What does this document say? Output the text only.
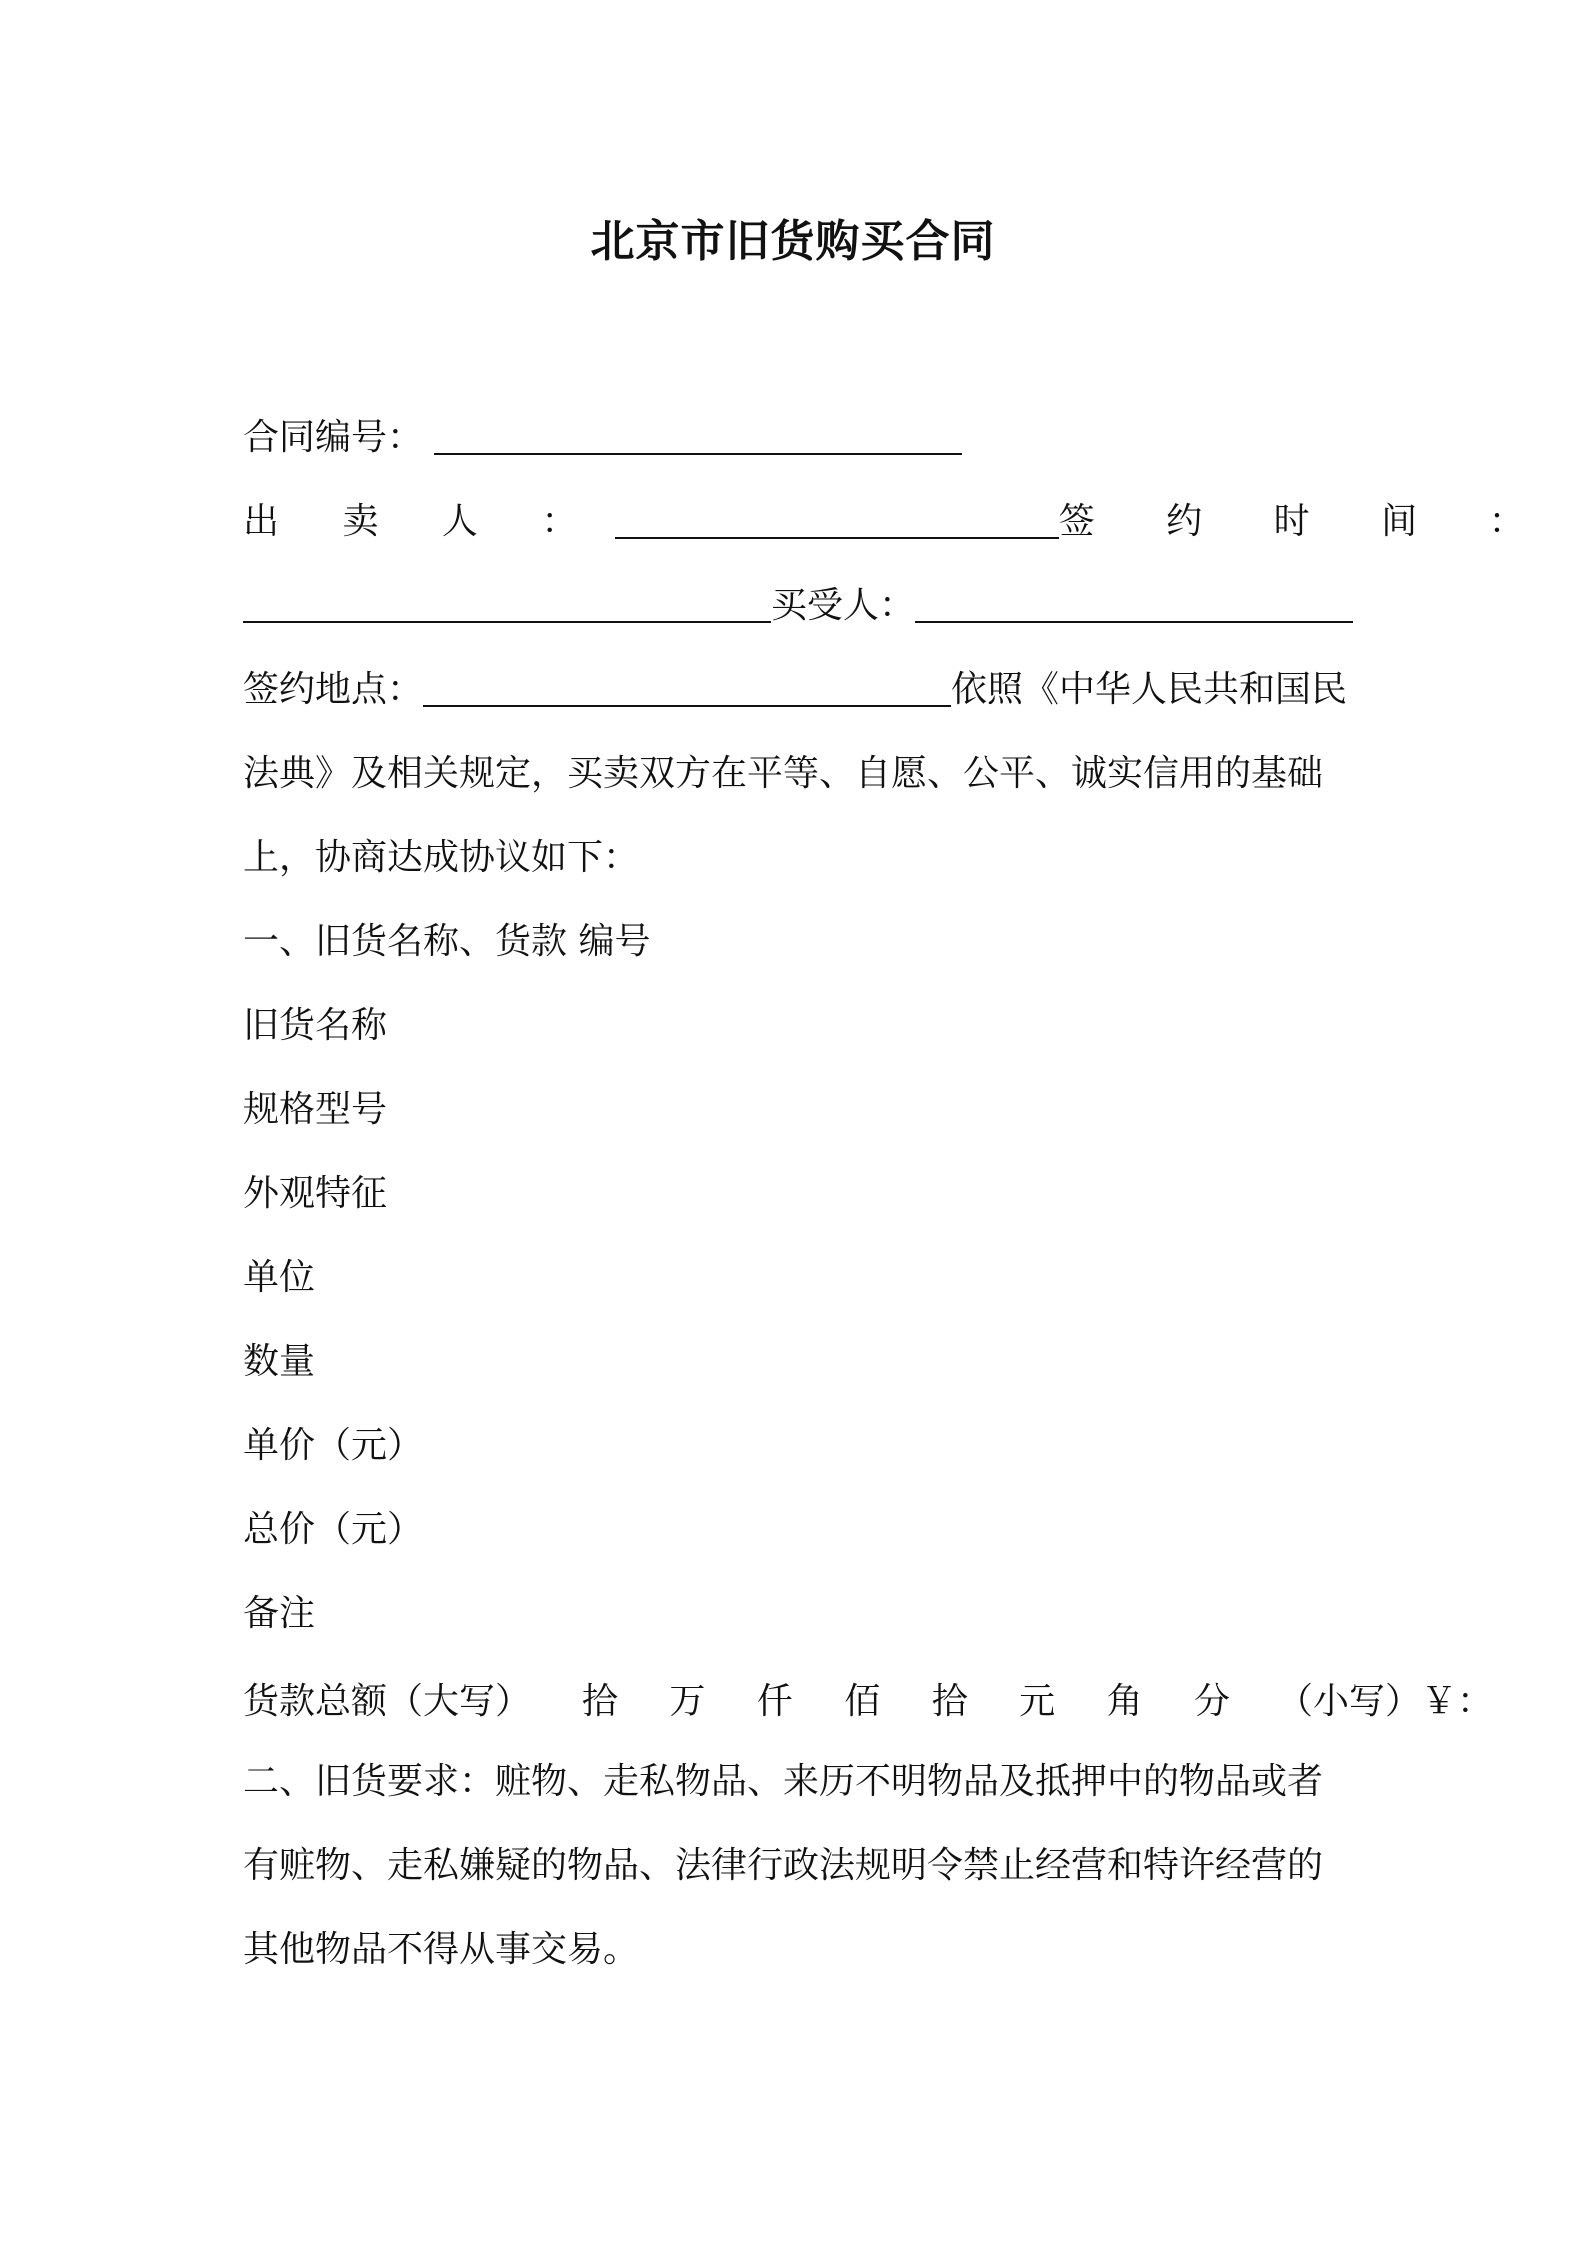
北京市旧货购买合同
合同编号：
出 卖 人 ：	签 约 时 间 ：
买受人：
签约地点：	依照《中华人民共和国民
法典》及相关规定，买卖双方在平等、自愿、公平、诚实信用的基础
上，协商达成协议如下：
一、旧货名称、货款 编号
旧货名称
规格型号
外观特征
单位
数量
单价（元）
总价（元）
备注
货款总额（大写） 拾 万 仟 佰 拾 元 角 分 （小写）￥：
二、旧货要求：赃物、走私物品、来历不明物品及抵押中的物品或者
有赃物、走私嫌疑的物品、法律行政法规明令禁止经营和特许经营的
其他物品不得从事交易。
